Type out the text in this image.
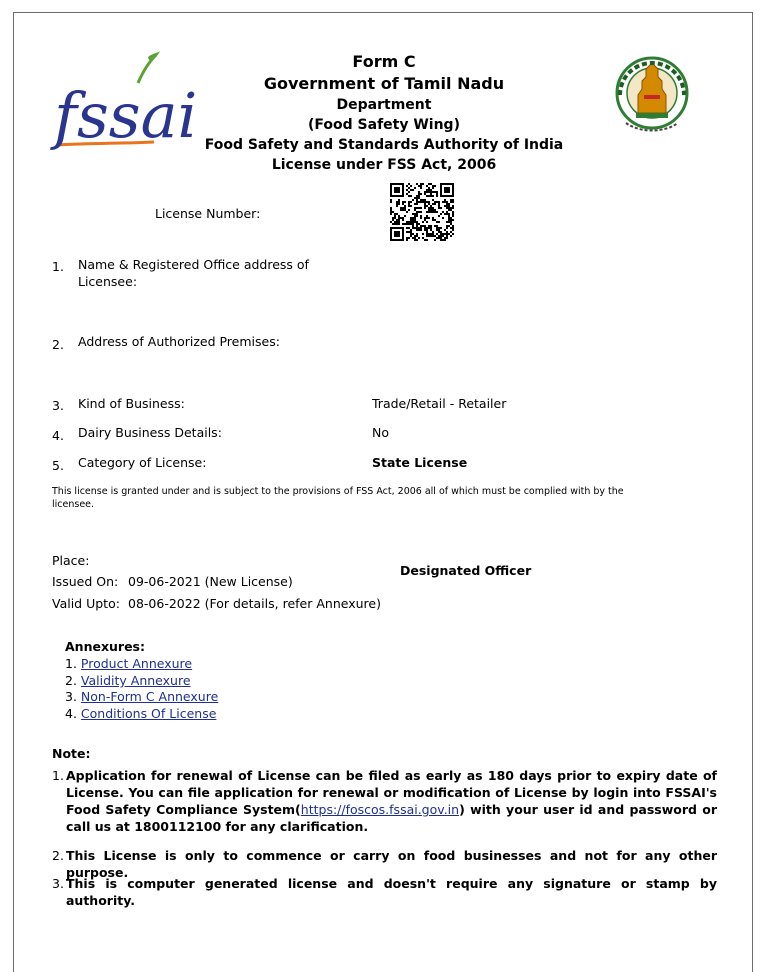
fssai
Form C
Government of Tamil Nadu
Department
(Food Safety Wing)
Food Safety and Standards Authority of India
License under FSS Act, 2006
License Number:
1. Name & Registered Office address of Licensee:
2. Address of Authorized Premises:
3. Kind of Business:	Trade/Retail - Retailer
4. Dairy Business Details:	No
5. Category of License:	State License
This license is granted under and is subject to the provisions of FSS Act, 2006 all of which must be complied with by the licensee.
Place:
Issued On: 09-06-2021 (New License)
Valid Upto: 08-06-2022 (For details, refer Annexure)
Designated Officer
Annexures:
1. Product Annexure
2. Validity Annexure
3. Non-Form C Annexure
4. Conditions Of License
Note:
1. Application for renewal of License can be filed as early as 180 days prior to expiry date of License. You can file application for renewal or modification of License by login into FSSAI's Food Safety Compliance System(https://foscos.fssai.gov.in) with your user id and password or call us at 1800112100 for any clarification.
2. This License is only to commence or carry on food businesses and not for any other purpose.
3. This is computer generated license and doesn't require any signature or stamp by authority.
